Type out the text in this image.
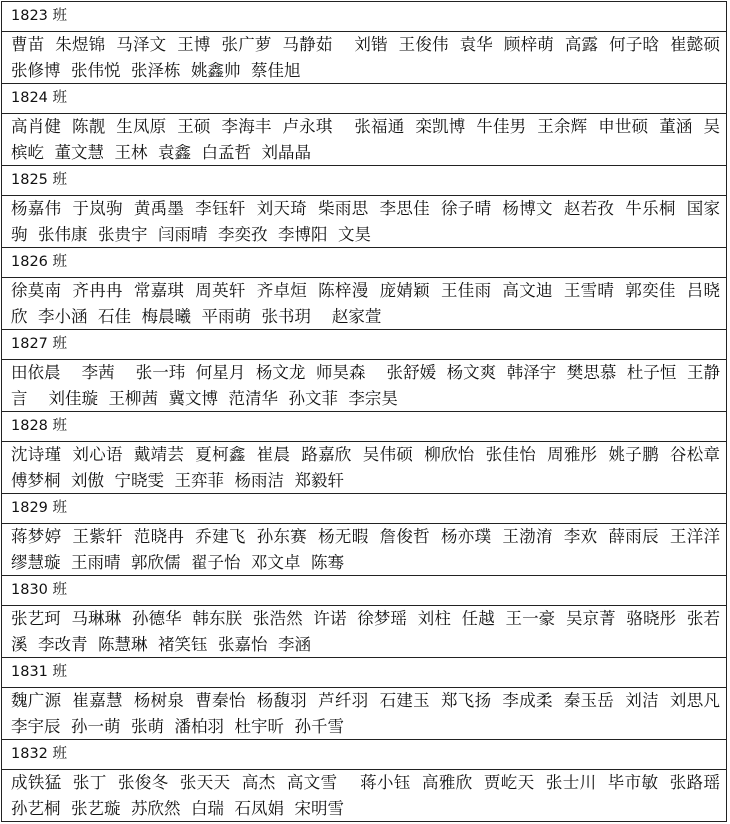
1823 班
曹苗  朱煜锦  马泽文  王博  张广萝  马静茹    刘锴  王俊伟  袁华  顾梓萌  高露  何子晗  崔懿硕  张修博  张伟悦  张泽栋  姚鑫帅  蔡佳旭
1824 班
高肖健  陈靓  生凤原  王硕  李海丰  卢永琪    张福通  栾凯博  牛佳男  王余辉  申世硕  董涵  吴槟屹  董文慧  王林  袁鑫  白孟哲  刘晶晶
1825 班
杨嘉伟  于岚驹  黄禹墨  李钰轩  刘天琦  柴雨思  李思佳  徐子晴  杨博文  赵若孜  牛乐桐  国家驹  张伟康  张贵宇  闫雨晴  李奕孜  李博阳  文昊
1826 班
徐莫南  齐冉冉  常嘉琪  周英轩  齐卓烜  陈梓漫  庞婧颖  王佳雨  高文迪  王雪晴  郭奕佳  吕晓欣  李小涵  石佳  梅晨曦  平雨萌  张书玥    赵家萱
1827 班
田依晨    李茜    张一玮  何星月  杨文龙  师昊森    张舒媛  杨文爽  韩泽宇  樊思慕  杜子恒  王静言    刘佳璇  王柳茜  冀文博  范清华  孙文菲  李宗昊
1828 班
沈诗瑾  刘心语  戴靖芸  夏柯鑫  崔晨  路嘉欣  吴伟硕  柳欣怡  张佳怡  周雅彤  姚子鹏  谷松章  傅梦桐  刘傲  宁晓雯  王弈菲  杨雨洁  郑毅轩
1829 班
蒋梦婷  王紫轩  范晓冉  乔建飞  孙东赛  杨无暇  詹俊哲  杨亦璞  王渤淯  李欢  薛雨辰  王洋洋  缪慧璇  王雨晴  郭欣儒  翟子怡  邓文卓  陈骞
1830 班
张艺珂  马琳琳  孙德华  韩东朕  张浩然  许诺  徐梦瑶  刘柱  任越  王一豪  吴京菁  骆晓彤  张若溪  李改青  陈慧琳  褚笑钰  张嘉怡  李涵
1831 班
魏广源  崔嘉慧  杨树泉  曹秦怡  杨馥羽  芦纤羽  石建玉  郑飞扬  李成柔  秦玉岳  刘洁  刘思凡  李宇辰  孙一萌  张萌  潘柏羽  杜宇昕  孙千雪
1832 班
成铁猛  张丁  张俊冬  张天天  高杰  高文雪    蒋小钰  高雅欣  贾屹天  张士川  毕市敏  张路瑶  孙艺桐  张艺璇  苏欣然  白瑞  石凤娟  宋明雪
